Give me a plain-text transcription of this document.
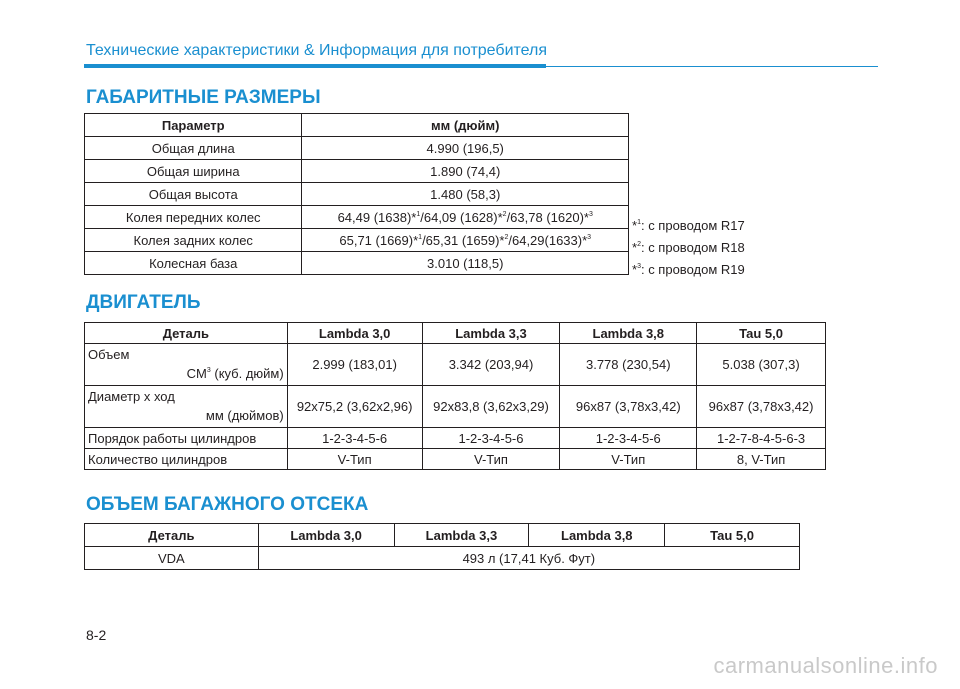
Технические характеристики & Информация для потребителя
ГАБАРИТНЫЕ РАЗМЕРЫ
Параметр	мм (дюйм)
Общая длина	4.990 (196,5)
Общая ширина	1.890 (74,4)
Общая высота	1.480 (58,3)
Колея передних колес	64,49 (1638)*$^1$/64,09 (1628)*$^2$/63,78 (1620)*$^3$
Колея задних колес	65,71 (1669)*$^1$/65,31 (1659)*$^2$/64,29(1633)*$^3$
Колесная база	3.010 (118,5)
*$^1$: с проводом R17
*$^2$: с проводом R18
*$^3$: с проводом R19
ДВИГАТЕЛЬ
Деталь	Lambda 3,0	Lambda 3,3	Lambda 3,8	Tau 5,0

Объем
$CM^3$ (куб. дюйм)	2.999 (183,01)	3.342 (203,94)	3.778 (230,54)	5.038 (307,3)

Диаметр x ход
мм (дюймов)	92x75,2 (3,62x2,96)	92x83,8 (3,62x3,29)	96x87 (3,78x3,42)	96x87 (3,78x3,42)
Порядок работы цилиндров	1-2-3-4-5-6	1-2-3-4-5-6	1-2-3-4-5-6	1-2-7-8-4-5-6-3
Количество цилиндров	V-Тип	V-Тип	V-Тип	8, V-Тип
ОБЪЕМ БАГАЖНОГО ОТСЕКА
Деталь	Lambda 3,0	Lambda 3,3	Lambda 3,8	Tau 5,0
VDA	493 л (17,41 Куб. Фут)			
8-2
carmanualsonline.info
